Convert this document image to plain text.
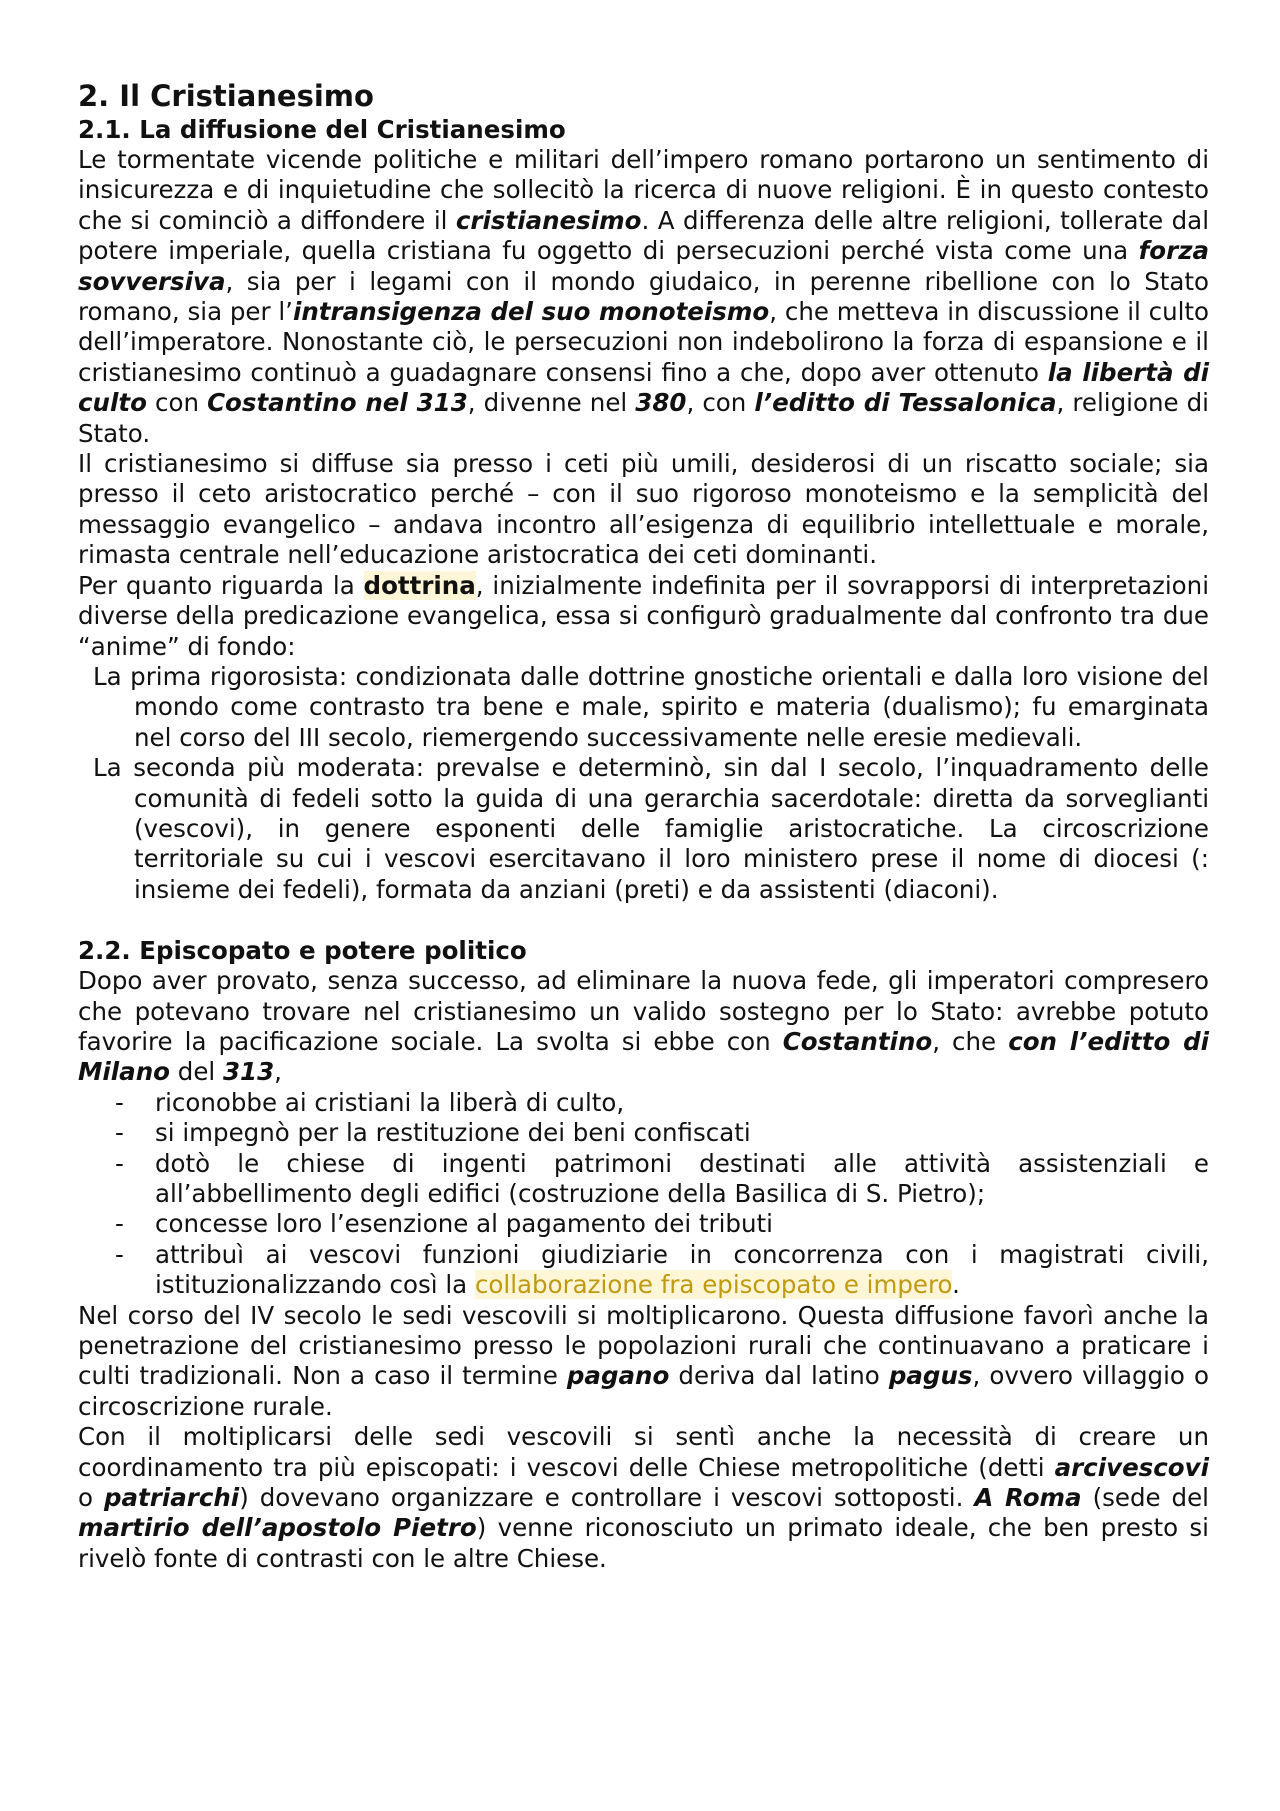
2. Il Cristianesimo
2.1. La diffusione del Cristianesimo

Le tormentate vicende politiche e militari dell’impero romano portarono un sentimento di insicurezza e di inquietudine che sollecitò la ricerca di nuove religioni. È in questo contesto che si cominciò a diffondere il cristianesimo. A differenza delle altre religioni, tollerate dal potere imperiale, quella cristiana fu oggetto di persecuzioni perché vista come una forza sovversiva, sia per i legami con il mondo giudaico, in perenne ribellione con lo Stato romano, sia per l’intransigenza del suo monoteismo, che metteva in discussione il culto dell’imperatore. Nonostante ciò, le persecuzioni non indebolirono la forza di espansione e il cristianesimo continuò a guadagnare consensi fino a che, dopo aver ottenuto la libertà di culto con Costantino nel 313, divenne nel 380, con l’editto di Tessalonica, religione di Stato.

Il cristianesimo si diffuse sia presso i ceti più umili, desiderosi di un riscatto sociale; sia presso il ceto aristocratico perché – con il suo rigoroso monoteismo e la semplicità del messaggio evangelico – andava incontro all’esigenza di equilibrio intellettuale e morale, rimasta centrale nell’educazione aristocratica dei ceti dominanti.

Per quanto riguarda la dottrina, inizialmente indefinita per il sovrapporsi di interpretazioni diverse della predicazione evangelica, essa si configurò gradualmente dal confronto tra due “anime” di fondo:

La prima rigorosista: condizionata dalle dottrine gnostiche orientali e dalla loro visione del mondo come contrasto tra bene e male, spirito e materia (dualismo); fu emarginata nel corso del III secolo, riemergendo successivamente nelle eresie medievali.
La seconda più moderata: prevalse e determinò, sin dal I secolo, l’inquadramento delle comunità di fedeli sotto la guida di una gerarchia sacerdotale: diretta da sorveglianti (vescovi), in genere esponenti delle famiglie aristocratiche. La circoscrizione territoriale su cui i vescovi esercitavano il loro ministero prese il nome di diocesi (: insieme dei fedeli), formata da anziani (preti) e da assistenti (diaconi).
2.2. Episcopato e potere politico

Dopo aver provato, senza successo, ad eliminare la nuova fede, gli imperatori compresero che potevano trovare nel cristianesimo un valido sostegno per lo Stato: avrebbe potuto favorire la pacificazione sociale. La svolta si ebbe con Costantino, che con l’editto di Milano del 313,

- riconobbe ai cristiani la liberà di culto,
- si impegnò per la restituzione dei beni confiscati
- dotò le chiese di ingenti patrimoni destinati alle attività assistenziali e all’abbellimento degli edifici (costruzione della Basilica di S. Pietro);
- concesse loro l’esenzione al pagamento dei tributi
- attribuì ai vescovi funzioni giudiziarie in concorrenza con i magistrati civili, istituzionalizzando così la collaborazione fra episcopato e impero.

Nel corso del IV secolo le sedi vescovili si moltiplicarono. Questa diffusione favorì anche la penetrazione del cristianesimo presso le popolazioni rurali che continuavano a praticare i culti tradizionali. Non a caso il termine pagano deriva dal latino pagus, ovvero villaggio o circoscrizione rurale.

Con il moltiplicarsi delle sedi vescovili si sentì anche la necessità di creare un coordinamento tra più episcopati: i vescovi delle Chiese metropolitiche (detti arcivescovi o patriarchi) dovevano organizzare e controllare i vescovi sottoposti. A Roma (sede del martirio dell’apostolo Pietro) venne riconosciuto un primato ideale, che ben presto si rivelò fonte di contrasti con le altre Chiese.
